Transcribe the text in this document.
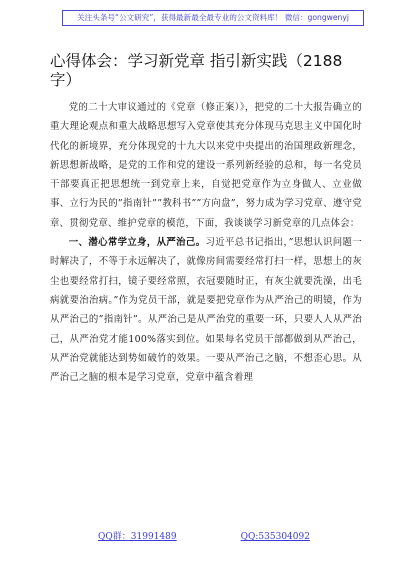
关注头条号“公文研究”，获得最新最全最专业的公文资料库！ 微信：gongwenyj
心得体会：学习新党章 指引新实践（2188字）

党的二十大审议通过的《党章（修正案）》，把党的二十大报告确立的重大理论观点和重大战略思想写入党章使其充分体现马克思主义中国化时代化的新境界，充分体现党的十九大以来党中央提出的治国理政新理念，新思想新战略，是党的工作和党的建设一系列新经验的总和，每一名党员干部要真正把思想统一到党章上来，自觉把党章作为立身做人、立业做事、立行为民的”指南针””教科书””方向盘”，努力成为学习党章、遵守党章、贯彻党章、维护党章的模范，下面，我谈谈学习新党章的几点体会：

一、潜心常学立身，从严治己。习近平总书记指出，”思想认识问题一时解决了，不等于永远解决了，就像房间需要经常打扫一样，思想上的灰尘也要经常打扫，镜子要经常照，衣冠要随时正，有灰尘就要洗澡，出毛病就要治治病。”作为党员干部，就是要把党章作为从严治己的明镜，作为从严治己的”指南针”。从严治己是从严治党的重要一环，只要人人从严治己，从严治党才能100%落实到位。如果每名党员干部都做到从严治己，从严治党就能达到势如破竹的效果。一要从严治己之脑，不想歪心思。从严治己之脑的根本是学习党章，党章中蕴含着理

QQ群：31991489	QQ:535304092
